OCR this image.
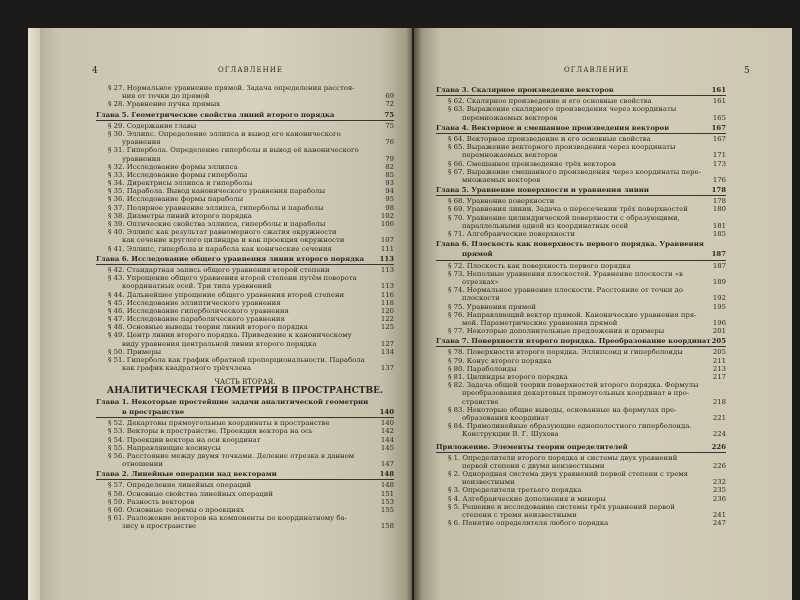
4	ОГЛАВЛЕНИЕ
§ 27. Нормальное уравнение прямой. Задача определения расстоя-
ния от точки до прямой	69
§ 28. Уравнение пучка прямых	72
Глава 5. Геометрические свойства линий второго порядка	75
§ 29. Содержание главы	75
§ 30. Эллипс. Определение эллипса и вывод его канонического
уравнения	76
§ 31. Гипербола. Определение гиперболы и вывод её канонического
уравнения	79
§ 32. Исследование формы эллипса	82
§ 33. Исследование формы гиперболы	85
§ 34. Директрисы эллипса и гиперболы	93
§ 35. Парабола. Вывод канонического уравнения параболы	94
§ 36. Исследование формы параболы	95
§ 37. Полярное уравнение эллипса, гиперболы и параболы	98
§ 38. Диаметры линий второго порядка	102
§ 39. Оптические свойства эллипса, гиперболы и параболы	106
§ 40. Эллипс как результат равномерного сжатия окружности
как сечение круглого цилиндра и как проекция окружности	107
§ 41. Эллипс, гипербола и парабола как конические сечения	111
Глава 6. Исследование общего уравнения линии второго порядка 113
§ 42. Стандартная запись общего уравнения второй степени	113
§ 43. Упрощение общего уравнения второй степени путём поворота
координатных осей. Три типа уравнений	113
§ 44. Дальнейшее упрощение общего уравнения второй степени	116
§ 45. Исследование эллиптического уравнения	118
§ 46. Исследование гиперболического уравнения	120
§ 47. Исследование параболического уравнения	122
§ 48. Основные выводы теории линий второго порядка	125
§ 49. Центр линии второго порядка. Приведение к каноническому
виду уравнения центральной линии второго порядка	127
§ 50. Примеры	134
§ 51. Гипербола как график обратной пропорциональности. Парабола
как график квадратного трёхчлена	137
ЧАСТЬ ВТОРАЯ.
АНАЛИТИЧЕСКАЯ ГЕОМЕТРИЯ В ПРОСТРАНСТВЕ.
Глава 1. Некоторые простейшие задачи аналитической геометрии
в пространстве	140
§ 52. Декартовы прямоугольные координаты в пространстве	140
§ 53. Векторы в пространстве. Проекции вектора на ось	142
§ 54. Проекции вектора на оси координат	144
§ 55. Направляющие косинусы	145
§ 56. Расстояние между двумя точками. Деление отрезка в данном
отношении	147
Глава 2. Линейные операции над векторами	148
§ 57. Определение линейных операций	148
§ 58. Основные свойства линейных операций	151
§ 59. Разность векторов	153
§ 60. Основные теоремы о проекциях	155
§ 61. Разложение векторов на компоненты по координатному ба-
зису в пространстве	158
ОГЛАВЛЕНИЕ	5
Глава 3. Скалярное произведение векторов	161
§ 62. Скалярное произведение и его основные свойства	161
§ 63. Выражение скалярного произведения через координаты
перемножаемых векторов	165
Глава 4. Векторное и смешанное произведения векторов	167
§ 64. Векторное произведение и его основные свойства	167
§ 65. Выражение векторного произведения через координаты
перемножаемых векторов	171
§ 66. Смешанное произведение трёх векторов	173
§ 67. Выражение смешанного произведения через координаты пере-
множаемых векторов	176
Глава 5. Уравнение поверхности и уравнения линии	178
§ 68. Уравнение поверхности	178
§ 69. Уравнения линии. Задача о пересечении трёх поверхностей	180
§ 70. Уравнение цилиндрической поверхности с образующими,
параллельными одной из координатных осей	181
§ 71. Алгебраические поверхности	185
Глава 6. Плоскость как поверхность первого порядка. Уравнения
прямой	187
§ 72. Плоскость как поверхность первого порядка	187
§ 73. Неполные уравнения плоскостей. Уравнение плоскости «в
отрезках»	189
§ 74. Нормальное уравнение плоскости. Расстояние от точки до
плоскости	192
§ 75. Уравнения прямой	195
§ 76. Направляющий вектор прямой. Канонические уравнения пря-
мой. Параметрические уравнения прямой	196
§ 77. Некоторые дополнительные предложения и примеры	201
Глава 7. Поверхности второго порядка. Преобразование координат 205
§ 78. Поверхности второго порядка. Эллипсоид и гиперболоиды	205
§ 79. Конус второго порядка	211
§ 80. Параболоиды	213
§ 81. Цилиндры второго порядка	217
§ 82. Задача общей теории поверхностей второго порядка. Формулы
преобразования декартовых прямоугольных координат в про-
странстве	218
§ 83. Некоторые общие выводы, основанные на формулах пре-
образования координат	221
§ 84. Прямолинейные образующие однополостного гиперболоида.
Конструкции В. Г. Шухова	224
Приложение. Элементы теории определителей	226
§ 1. Определители второго порядка и системы двух уравнений
первой степени с двумя неизвестными	226
§ 2. Однородная система двух уравнений первой степени с тремя
неизвестными	232
§ 3. Определители третьего порядка	235
§ 4. Алгебраические дополнения и миноры	236
§ 5. Решение и исследование системы трёх уравнений первой
степени с тремя неизвестными	241
§ 6. Понятие определителя любого порядка	247
